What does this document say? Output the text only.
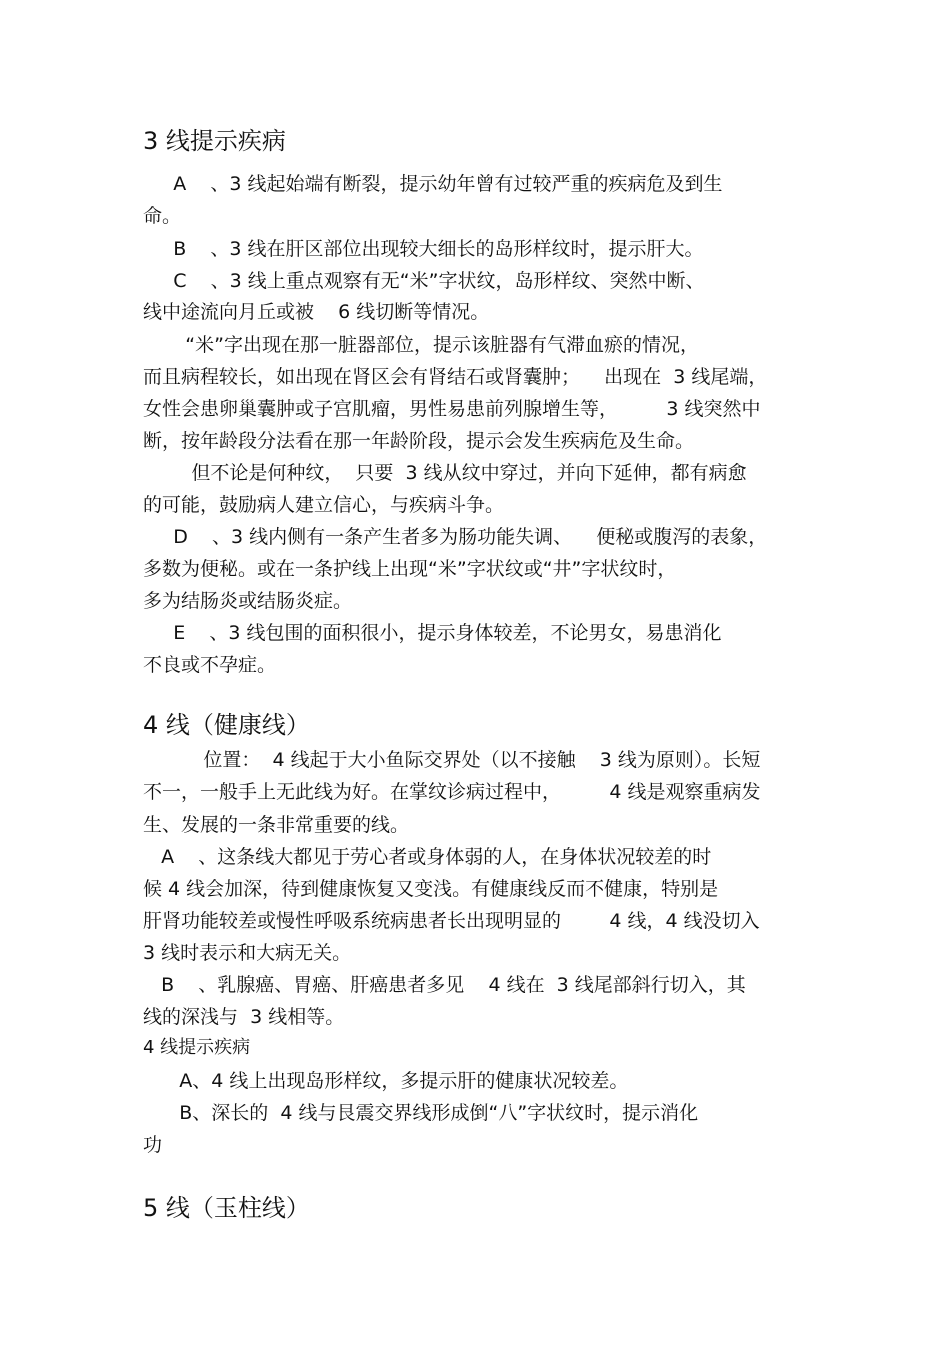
3 线提示疾病
A    、3 线起始端有断裂，提示幼年曾有过较严重的疾病危及到生
命。
B    、3 线在肝区部位出现较大细长的岛形样纹时，提示肝大。
C    、3 线上重点观察有无“米”字状纹，岛形样纹、突然中断、
线中途流向月丘或被    6 线切断等情况。
“米”字出现在那一脏器部位，提示该脏器有气滞血瘀的情况，
而且病程较长，如出现在肾区会有肾结石或肾囊肿；    出现在  3 线尾端，
女性会患卵巢囊肿或子宫肌瘤，男性易患前列腺增生等，        3 线突然中
断，按年龄段分法看在那一年龄阶段，提示会发生疾病危及生命。
但不论是何种纹，  只要  3 线从纹中穿过，并向下延伸，都有病愈
的可能，鼓励病人建立信心，与疾病斗争。
D    、3 线内侧有一条产生者多为肠功能失调、    便秘或腹泻的表象，
多数为便秘。或在一条护线上出现“米”字状纹或“井”字状纹时，
多为结肠炎或结肠炎症。
E    、3 线包围的面积很小，提示身体较差，不论男女，易患消化
不良或不孕症。
4 线（健康线）
位置：  4 线起于大小鱼际交界处（以不接触    3 线为原则）。长短
不一，一般手上无此线为好。在掌纹诊病过程中，        4 线是观察重病发
生、发展的一条非常重要的线。
A    、这条线大都见于劳心者或身体弱的人，在身体状况较差的时
候 4 线会加深，待到健康恢复又变浅。有健康线反而不健康，特别是
肝肾功能较差或慢性呼吸系统病患者长出现明显的        4 线，4 线没切入
3 线时表示和大病无关。
B    、乳腺癌、胃癌、肝癌患者多见    4 线在  3 线尾部斜行切入，其
线的深浅与  3 线相等。
4 线提示疾病
A、4 线上出现岛形样纹，多提示肝的健康状况较差。
B、深长的  4 线与艮震交界线形成倒“八”字状纹时，提示消化
功
5 线（玉柱线）
